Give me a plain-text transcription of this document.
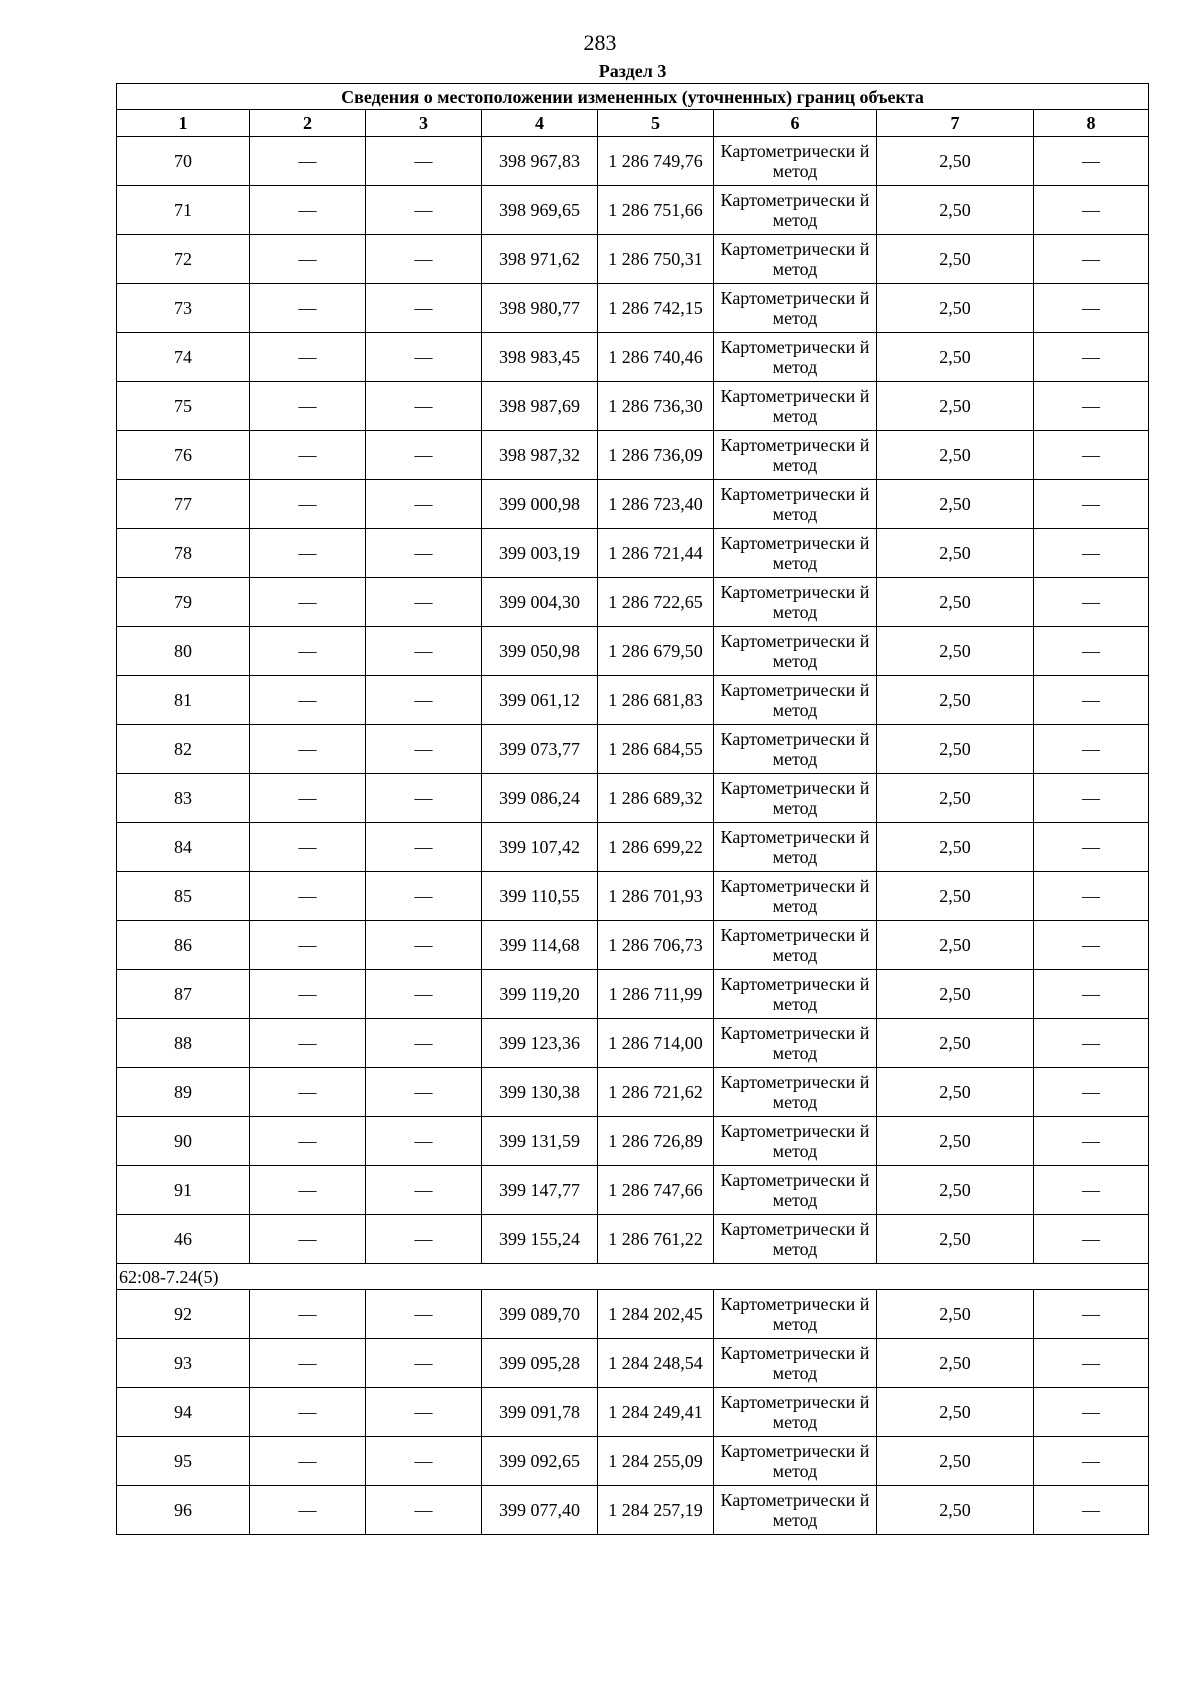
283
Раздел 3							
Сведения о местоположении измененных (уточненных) границ объекта							
1	2	3	4	5	6	7	8
70	—	—	398 967,83	1 286 749,76	Картометрически й метод	2,50	—
71	—	—	398 969,65	1 286 751,66	Картометрически й метод	2,50	—
72	—	—	398 971,62	1 286 750,31	Картометрически й метод	2,50	—
73	—	—	398 980,77	1 286 742,15	Картометрически й метод	2,50	—
74	—	—	398 983,45	1 286 740,46	Картометрически й метод	2,50	—
75	—	—	398 987,69	1 286 736,30	Картометрически й метод	2,50	—
76	—	—	398 987,32	1 286 736,09	Картометрически й метод	2,50	—
77	—	—	399 000,98	1 286 723,40	Картометрически й метод	2,50	—
78	—	—	399 003,19	1 286 721,44	Картометрически й метод	2,50	—
79	—	—	399 004,30	1 286 722,65	Картометрически й метод	2,50	—
80	—	—	399 050,98	1 286 679,50	Картометрически й метод	2,50	—
81	—	—	399 061,12	1 286 681,83	Картометрически й метод	2,50	—
82	—	—	399 073,77	1 286 684,55	Картометрически й метод	2,50	—
83	—	—	399 086,24	1 286 689,32	Картометрически й метод	2,50	—
84	—	—	399 107,42	1 286 699,22	Картометрически й метод	2,50	—
85	—	—	399 110,55	1 286 701,93	Картометрически й метод	2,50	—
86	—	—	399 114,68	1 286 706,73	Картометрически й метод	2,50	—
87	—	—	399 119,20	1 286 711,99	Картометрически й метод	2,50	—
88	—	—	399 123,36	1 286 714,00	Картометрически й метод	2,50	—
89	—	—	399 130,38	1 286 721,62	Картометрически й метод	2,50	—
90	—	—	399 131,59	1 286 726,89	Картометрически й метод	2,50	—
91	—	—	399 147,77	1 286 747,66	Картометрически й метод	2,50	—
46	—	—	399 155,24	1 286 761,22	Картометрически й метод	2,50	—
62:08-7.24(5)							
92	—	—	399 089,70	1 284 202,45	Картометрически й метод	2,50	—
93	—	—	399 095,28	1 284 248,54	Картометрически й метод	2,50	—
94	—	—	399 091,78	1 284 249,41	Картометрически й метод	2,50	—
95	—	—	399 092,65	1 284 255,09	Картометрически й метод	2,50	—
96	—	—	399 077,40	1 284 257,19	Картометрически й метод	2,50	—
